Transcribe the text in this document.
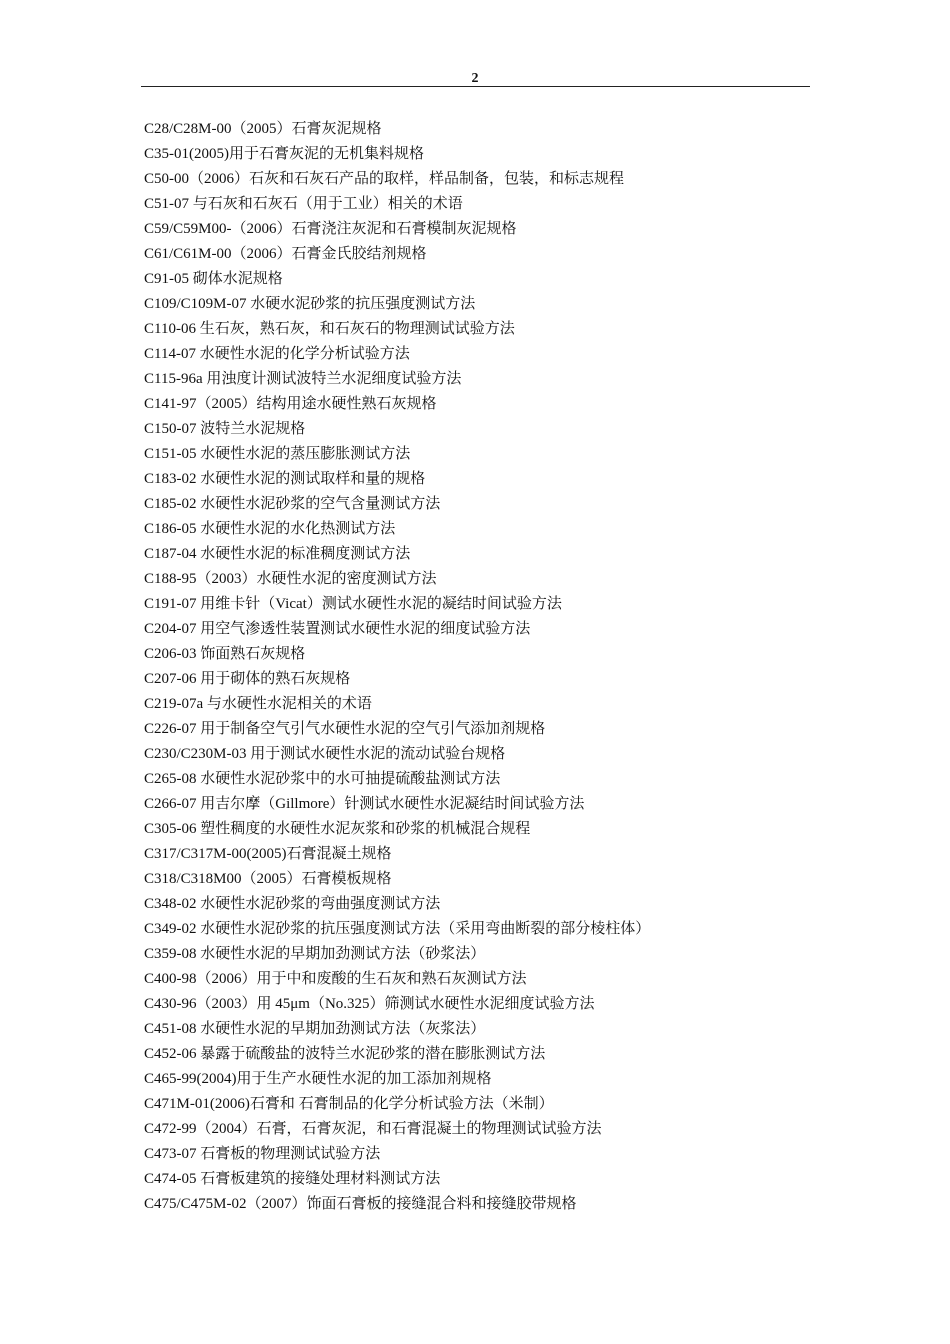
2
C28/C28M-00（2005）石膏灰泥规格
C35-01(2005)用于石膏灰泥的无机集料规格
C50-00（2006）石灰和石灰石产品的取样，样品制备，包装，和标志规程
C51-07 与石灰和石灰石（用于工业）相关的术语
C59/C59M00-（2006）石膏浇注灰泥和石膏模制灰泥规格
C61/C61M-00（2006）石膏金氏胶结剂规格
C91-05 砌体水泥规格
C109/C109M-07 水硬水泥砂浆的抗压强度测试方法
C110-06 生石灰，熟石灰，和石灰石的物理测试试验方法
C114-07 水硬性水泥的化学分析试验方法
C115-96a 用浊度计测试波特兰水泥细度试验方法
C141-97（2005）结构用途水硬性熟石灰规格
C150-07 波特兰水泥规格
C151-05 水硬性水泥的蒸压膨胀测试方法
C183-02 水硬性水泥的测试取样和量的规格
C185-02 水硬性水泥砂浆的空气含量测试方法
C186-05 水硬性水泥的水化热测试方法
C187-04 水硬性水泥的标准稠度测试方法
C188-95（2003）水硬性水泥的密度测试方法
C191-07 用维卡针（Vicat）测试水硬性水泥的凝结时间试验方法
C204-07 用空气渗透性装置测试水硬性水泥的细度试验方法
C206-03 饰面熟石灰规格
C207-06 用于砌体的熟石灰规格
C219-07a 与水硬性水泥相关的术语
C226-07 用于制备空气引气水硬性水泥的空气引气添加剂规格
C230/C230M-03 用于测试水硬性水泥的流动试验台规格
C265-08 水硬性水泥砂浆中的水可抽提硫酸盐测试方法
C266-07 用吉尔摩（Gillmore）针测试水硬性水泥凝结时间试验方法
C305-06 塑性稠度的水硬性水泥灰浆和砂浆的机械混合规程
C317/C317M-00(2005)石膏混凝土规格
C318/C318M00（2005）石膏模板规格
C348-02 水硬性水泥砂浆的弯曲强度测试方法
C349-02 水硬性水泥砂浆的抗压强度测试方法（采用弯曲断裂的部分棱柱体）
C359-08 水硬性水泥的早期加劲测试方法（砂浆法）
C400-98（2006）用于中和废酸的生石灰和熟石灰测试方法
C430-96（2003）用 45μm（No.325）筛测试水硬性水泥细度试验方法
C451-08 水硬性水泥的早期加劲测试方法（灰浆法）
C452-06 暴露于硫酸盐的波特兰水泥砂浆的潜在膨胀测试方法
C465-99(2004)用于生产水硬性水泥的加工添加剂规格
C471M-01(2006)石膏和 石膏制品的化学分析试验方法（米制）
C472-99（2004）石膏，石膏灰泥，和石膏混凝土的物理测试试验方法
C473-07 石膏板的物理测试试验方法
C474-05 石膏板建筑的接缝处理材料测试方法
C475/C475M-02（2007）饰面石膏板的接缝混合料和接缝胶带规格
